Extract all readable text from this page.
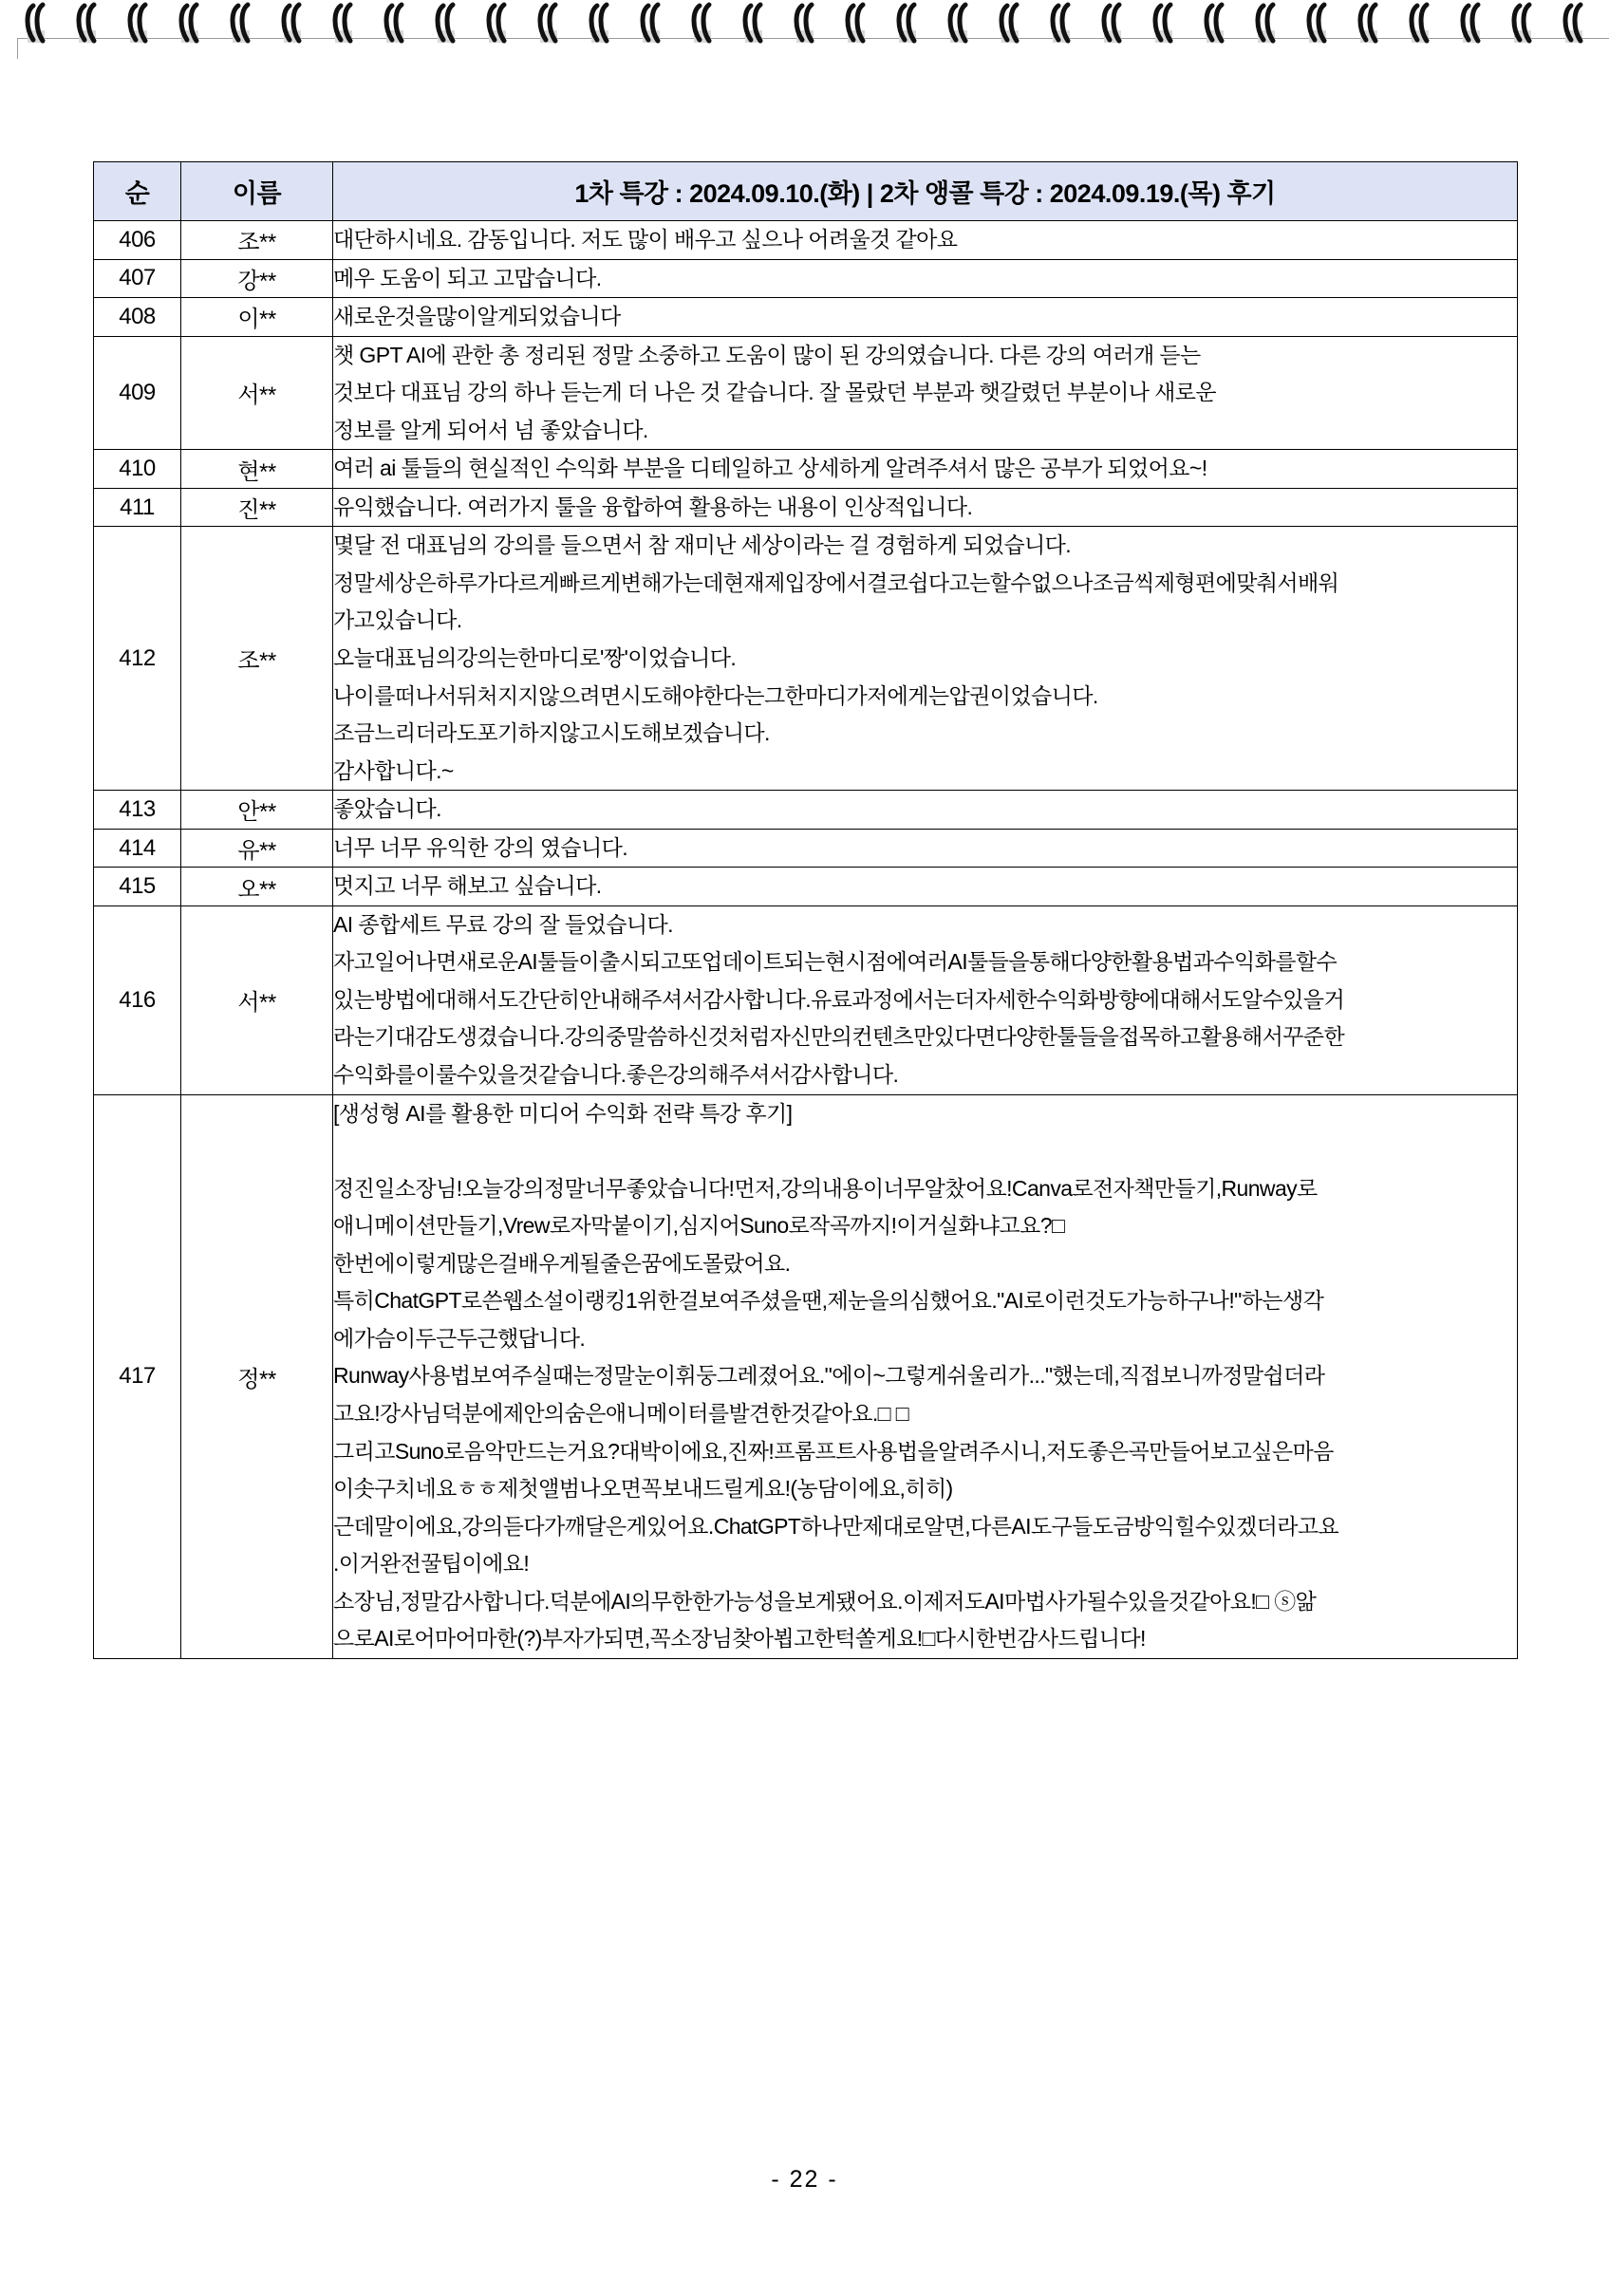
순	이름	1차 특강 : 2024.09.10.(화) | 2차 앵콜 특강 : 2024.09.19.(목) 후기
406	조**	대단하시네요. 감동입니다. 저도 많이 배우고 싶으나 어려울것 같아요

407	강**	메우 도움이 되고 고맙습니다.

408	이**	새로운것을많이알게되었습니다

409	서**	챗 GPT AI에 관한 총 정리된 정말 소중하고 도움이 많이 된 강의였습니다. 다른 강의 여러개 듣는

것보다 대표님 강의 하나 듣는게 더 나은 것 같습니다. 잘 몰랐던 부분과 햇갈렸던 부분이나 새로운

정보를 알게 되어서 넘 좋았습니다.

410	현**	여러 ai 툴들의 현실적인 수익화 부분을 디테일하고 상세하게 알려주셔서 많은 공부가 되었어요~!

411	진**	유익했습니다. 여러가지 툴을 융합하여 활용하는 내용이 인상적입니다.

412	조**	

몇달 전 대표님의 강의를 들으면서 참 재미난 세상이라는 걸 경험하게 되었습니다.

정말세상은하루가다르게빠르게변해가는데현재제입장에서결코쉽다고는할수없으나조금씩제형편에맞춰서배워

가고있습니다.

오늘대표님의강의는한마디로'짱'이었습니다.

나이를떠나서뒤처지지않으려면시도해야한다는그한마디가저에게는압권이었습니다.

조금느리더라도포기하지않고시도해보겠습니다.

감사합니다.~

413	안**	좋았습니다.

414	유**	너무 너무 유익한 강의 였습니다.

415	오**	멋지고 너무 해보고 싶습니다.

416	서**	AI 종합세트 무료 강의 잘 들었습니다.

자고일어나면새로운AI툴들이출시되고또업데이트되는현시점에여러AI툴들을통해다양한활용법과수익화를할수

있는방법에대해서도간단히안내해주셔서감사합니다.유료과정에서는더자세한수익화방향에대해서도알수있을거

라는기대감도생겼습니다.강의중말씀하신것처럼자신만의컨텐츠만있다면다양한툴들을접목하고활용해서꾸준한

수익화를이룰수있을것같습니다.좋은강의해주셔서감사합니다.

417	정**	

[생성형 AI를 활용한 미디어 수익화 전략 특강 후기]

정진일소장님!오늘강의정말너무좋았습니다!먼저,강의내용이너무알찼어요!Canva로전자책만들기,Runway로

애니메이션만들기,Vrew로자막붙이기,심지어Suno로작곡까지!이거실화냐고요?□

한번에이렇게많은걸배우게될줄은꿈에도몰랐어요.

특히ChatGPT로쓴웹소설이랭킹1위한걸보여주셨을땐,제눈을의심했어요."AI로이런것도가능하구나!"하는생각

에가슴이두근두근했답니다.

Runway사용법보여주실때는정말눈이휘둥그레졌어요."에이~그렇게쉬울리가..."했는데,직접보니까정말쉽더라

고요!강사님덕분에제안의숨은애니메이터를발견한것같아요.□ □

그리고Suno로음악만드는거요?대박이에요,진짜!프롬프트사용법을알려주시니,저도좋은곡만들어보고싶은마음

이솟구치네요ㅎㅎ제첫앨범나오면꼭보내드릴게요!(농담이에요,히히)

근데말이에요,강의듣다가깨달은게있어요.ChatGPT하나만제대로알면,다른AI도구들도금방익힐수있겠더라고요

.이거완전꿀팁이에요!

소장님,정말감사합니다.덕분에AI의무한한가능성을보게됐어요.이제저도AI마법사가될수있을것같아요!□ ⓢ앎

으로AI로어마어마한(?)부자가되면,꼭소장님찾아뵙고한턱쏠게요!□다시한번감사드립니다!

- 22 -
